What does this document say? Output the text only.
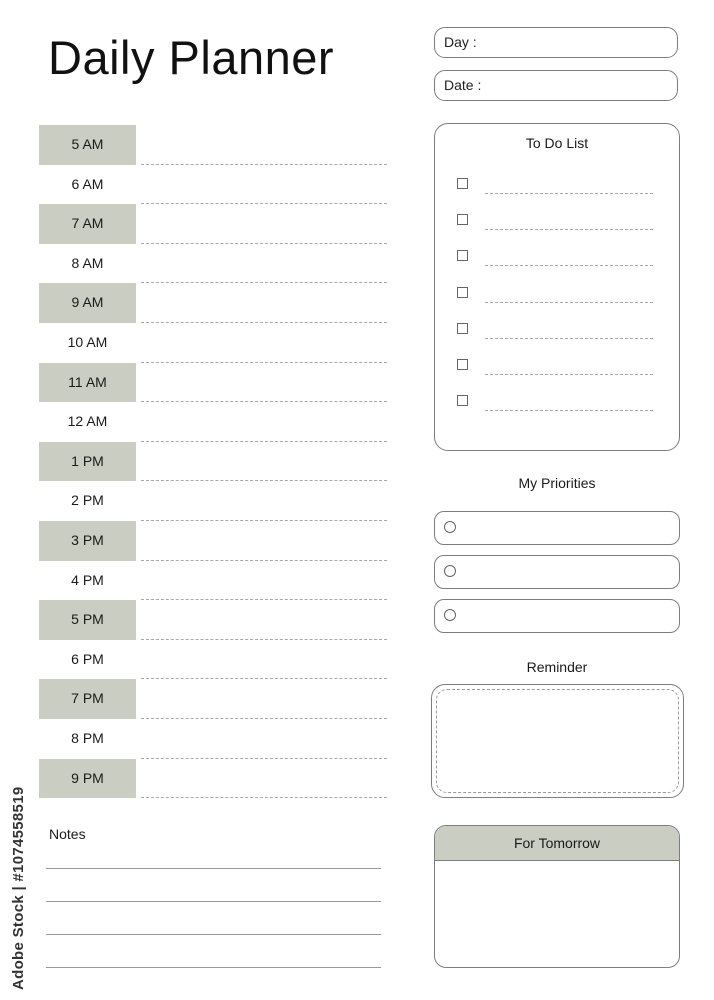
Daily Planner	Day :
Date :
5 AM
6 AM
7 AM
8 AM
9 AM
10 AM
11 AM
12 AM
1 PM
2 PM
3 PM
4 PM
5 PM
6 PM
7 PM
8 PM
9 PM
Notes
To Do List
My Priorities
Reminder
For Tomorrow
Adobe Stock | #1074558519
